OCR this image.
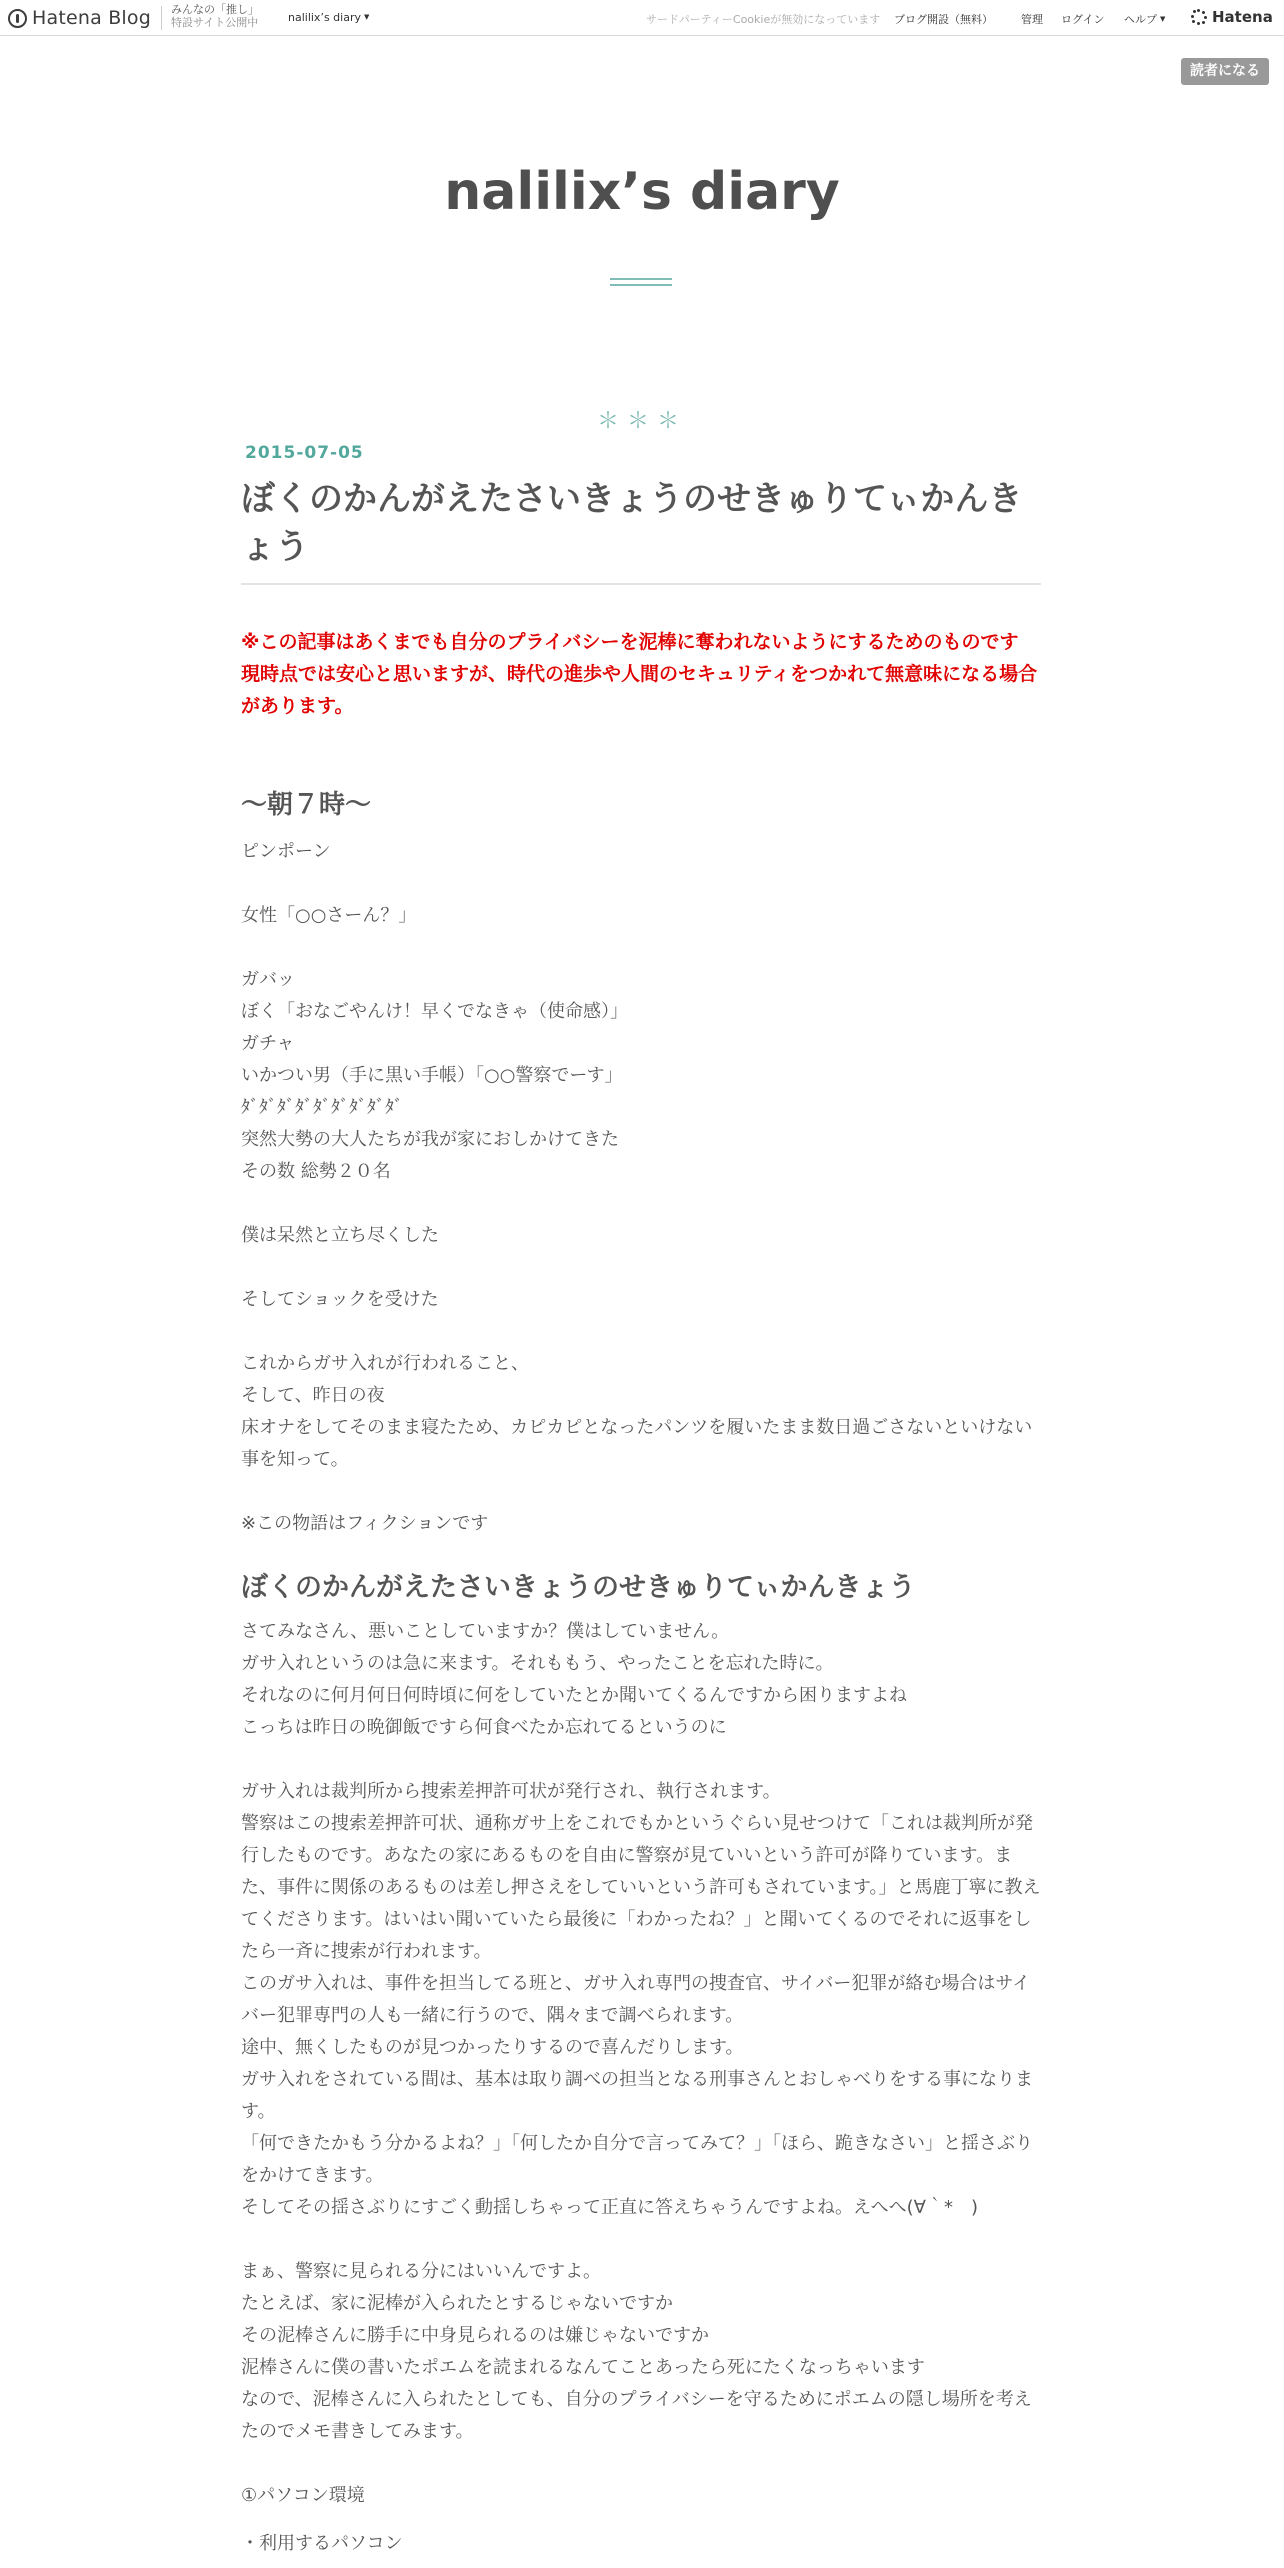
Hatena Blog みんなの「推し」
特設サイト公開中	nalilix’s diary ▼	サードパーティーCookieが無効になっています ブログ開設（無料）	管理 ログイン ヘルプ ▼	Hatena
読者になる
nalilix’s diary
＊＊＊
2015-07-05
ぼくのかんがえたさいきょうのせきゅりてぃかんきょう
※この記事はあくまでも自分のプライバシーを泥棒に奪われないようにするためのものです
現時点では安心と思いますが、時代の進歩や人間のセキュリティをつかれて無意味になる場合があります。
〜朝７時〜
ピンポーン
女性「○○さーん？」
ガバッ
ぼく「おなごやんけ！早くでなきゃ（使命感）」
ガチャ
いかつい男（手に黒い手帳）「○○警察でーす」
ﾀﾞﾀﾞﾀﾞﾀﾞﾀﾞﾀﾞﾀﾞﾀﾞﾀﾞ
突然大勢の大人たちが我が家におしかけてきた
その数 総勢２０名
僕は呆然と立ち尽くした
そしてショックを受けた
これからガサ入れが行われること、
そして、昨日の夜
床オナをしてそのまま寝たため、カピカピとなったパンツを履いたまま数日過ごさないといけない事を知って。
※この物語はフィクションです
ぼくのかんがえたさいきょうのせきゅりてぃかんきょう
さてみなさん、悪いことしていますか？僕はしていません。
ガサ入れというのは急に来ます。それももう、やったことを忘れた時に。
それなのに何月何日何時頃に何をしていたとか聞いてくるんですから困りますよね
こっちは昨日の晩御飯ですら何食べたか忘れてるというのに
ガサ入れは裁判所から捜索差押許可状が発行され、執行されます。
警察はこの捜索差押許可状、通称ガサ上をこれでもかというぐらい見せつけて「これは裁判所が発行したものです。あなたの家にあるものを自由に警察が見ていいという許可が降りています。また、事件に関係のあるものは差し押さえをしていいという許可もされています。」と馬鹿丁寧に教えてくださります。はいはい聞いていたら最後に「わかったね？」と聞いてくるのでそれに返事をしたら一斉に捜索が行われます。
このガサ入れは、事件を担当してる班と、ガサ入れ専門の捜査官、サイバー犯罪が絡む場合はサイバー犯罪専門の人も一緒に行うので、隅々まで調べられます。
途中、無くしたものが見つかったりするので喜んだりします。
ガサ入れをされている間は、基本は取り調べの担当となる刑事さんとおしゃべりをする事になります。
「何できたかもう分かるよね？」「何したか自分で言ってみて？」「ほら、跪きなさい」と揺さぶりをかけてきます。
そしてその揺さぶりにすごく動揺しちゃって正直に答えちゃうんですよね。えへへ(∀｀*　)
まぁ、警察に見られる分にはいいんですよ。
たとえば、家に泥棒が入られたとするじゃないですか
その泥棒さんに勝手に中身見られるのは嫌じゃないですか
泥棒さんに僕の書いたポエムを読まれるなんてことあったら死にたくなっちゃいます
なので、泥棒さんに入られたとしても、自分のプライバシーを守るためにポエムの隠し場所を考えたのでメモ書きしてみます。
①パソコン環境
・利用するパソコン
